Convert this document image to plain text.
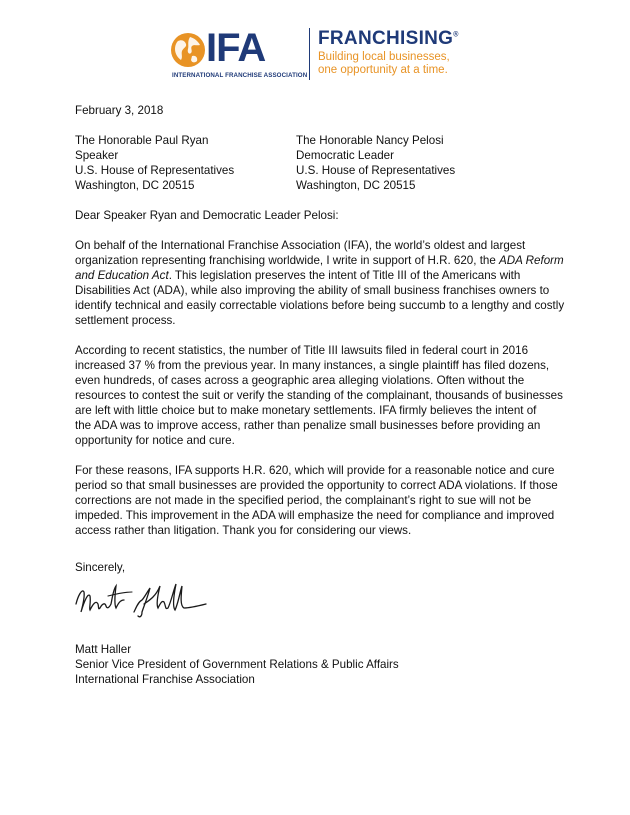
IFA
INTERNATIONAL FRANCHISE ASSOCIATION
FRANCHISING®
Building local businesses,
one opportunity at a time.
February 3, 2018
The Honorable Paul Ryan
Speaker
U.S. House of Representatives
Washington, DC 20515
The Honorable Nancy Pelosi
Democratic Leader
U.S. House of Representatives
Washington, DC 20515
Dear Speaker Ryan and Democratic Leader Pelosi:
On behalf of the International Franchise Association (IFA), the world’s oldest and largest
organization representing franchising worldwide, I write in support of H.R. 620, the ADA Reform
and Education Act. This legislation preserves the intent of Title III of the Americans with
Disabilities Act (ADA), while also improving the ability of small business franchises owners to
identify technical and easily correctable violations before being succumb to a lengthy and costly
settlement process.
According to recent statistics, the number of Title III lawsuits filed in federal court in 2016
increased 37 % from the previous year. In many instances, a single plaintiff has filed dozens,
even hundreds, of cases across a geographic area alleging violations. Often without the
resources to contest the suit or verify the standing of the complainant, thousands of businesses
are left with little choice but to make monetary settlements. IFA firmly believes the intent of
the ADA was to improve access, rather than penalize small businesses before providing an
opportunity for notice and cure.
For these reasons, IFA supports H.R. 620, which will provide for a reasonable notice and cure
period so that small businesses are provided the opportunity to correct ADA violations. If those
corrections are not made in the specified period, the complainant’s right to sue will not be
impeded. This improvement in the ADA will emphasize the need for compliance and improved
access rather than litigation. Thank you for considering our views.
Sincerely,
Matt Haller
Senior Vice President of Government Relations & Public Affairs
International Franchise Association
